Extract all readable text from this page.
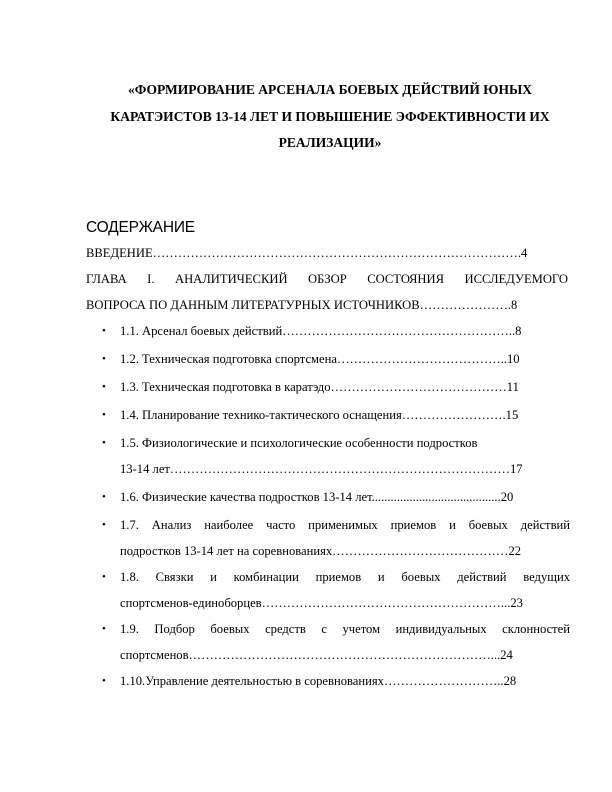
«ФОРМИРОВАНИЕ АРСЕНАЛА БОЕВЫХ ДЕЙСТВИЙ ЮНЫХ
КАРАТЭИСТОВ 13-14 ЛЕТ И ПОВЫШЕНИЕ ЭФФЕКТИВНОСТИ ИХ
РЕАЛИЗАЦИИ»
СОДЕРЖАНИЕ
ВВЕДЕНИЕ…………………………………………………………………………….4
ГЛАВА I. АНАЛИТИЧЕСКИЙ ОБЗОР СОСТОЯНИЯ ИССЛЕДУЕМОГО
ВОПРОСА ПО ДАННЫМ ЛИТЕРАТУРНЫХ ИСТОЧНИКОВ………………….8
• 1.1. Арсенал боевых действий………………………………………………..8
• 1.2. Техническая подготовка спортсмена…………………………………..10
• 1.3. Техническая подготовка в каратэдо……………………………………11
• 1.4. Планирование технико-тактического оснащения…………………….15
• 1.5. Физиологические и психологические особенности подростков
13-14 лет………………………………………………………………………17
• 1.6. Физические качества подростков 13-14 лет.........................................20
• 1.7. Анализ наиболее часто применимых приемов и боевых действий
подростков 13-14 лет на соревнованиях……………………………………22
• 1.8. Связки и комбинации приемов и боевых действий ведущих
спортсменов-единоборцев…………………………………………………...23
• 1.9. Подбор боевых средств с учетом индивидуальных склонностей
спортсменов………………………………………………………………...24
• 1.10.Управление деятельностью в соревнованиях………………………..28
